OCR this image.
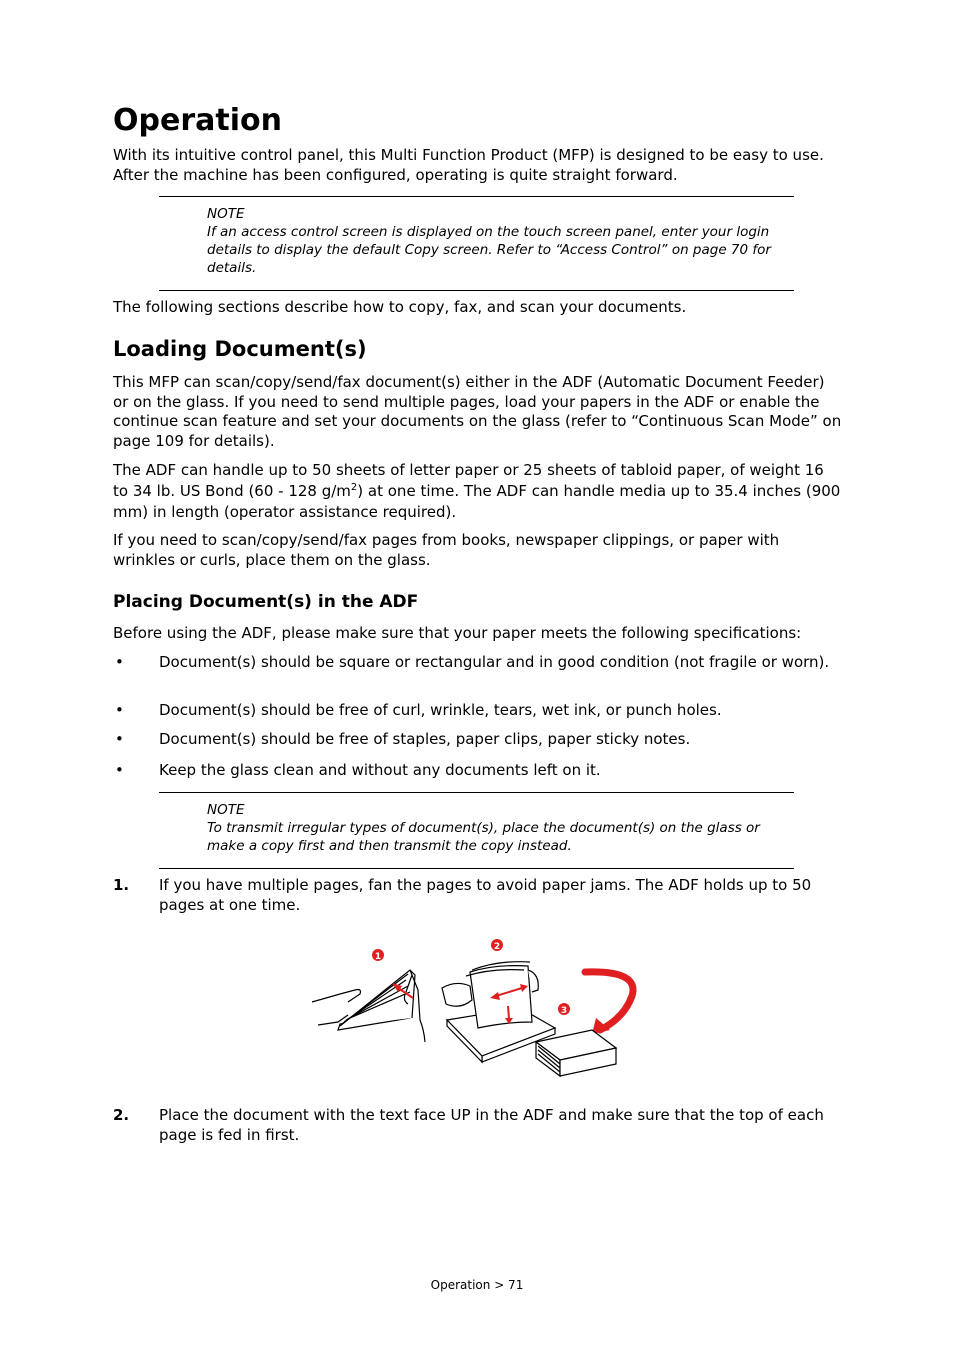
Operation

With its intuitive control panel, this Multi Function Product (MFP) is designed to be easy to use. After the machine has been configured, operating is quite straight forward.

NOTE

If an access control screen is displayed on the touch screen panel, enter your login details to display the default Copy screen. Refer to “Access Control” on page 70 for details.

The following sections describe how to copy, fax, and scan your documents.

Loading Document(s)

This MFP can scan/copy/send/fax document(s) either in the ADF (Automatic Document Feeder) or on the glass. If you need to send multiple pages, load your papers in the ADF or enable the continue scan feature and set your documents on the glass (refer to “Continuous Scan Mode” on page 109 for details).

The ADF can handle up to 50 sheets of letter paper or 25 sheets of tabloid paper, of weight 16 to 34 lb. US Bond (60 - 128 $g/m^2$) at one time. The ADF can handle media up to 35.4 inches (900 mm) in length (operator assistance required).

If you need to scan/copy/send/fax pages from books, newspaper clippings, or paper with wrinkles or curls, place them on the glass.

Placing Document(s) in the ADF

Before using the ADF, please make sure that your paper meets the following specifications:

• Document(s) should be square or rectangular and in good condition (not fragile or worn).
• Document(s) should be free of curl, wrinkle, tears, wet ink, or punch holes.
• Document(s) should be free of staples, paper clips, paper sticky notes.
• Keep the glass clean and without any documents left on it.

NOTE

To transmit irregular types of document(s), place the document(s) on the glass or make a copy first and then transmit the copy instead.

1. If you have multiple pages, fan the pages to avoid paper jams. The ADF holds up to 50 pages at one time.
1
2
3
2. Place the document with the text face UP in the ADF and make sure that the top of each page is fed in first.
Operation > 71
